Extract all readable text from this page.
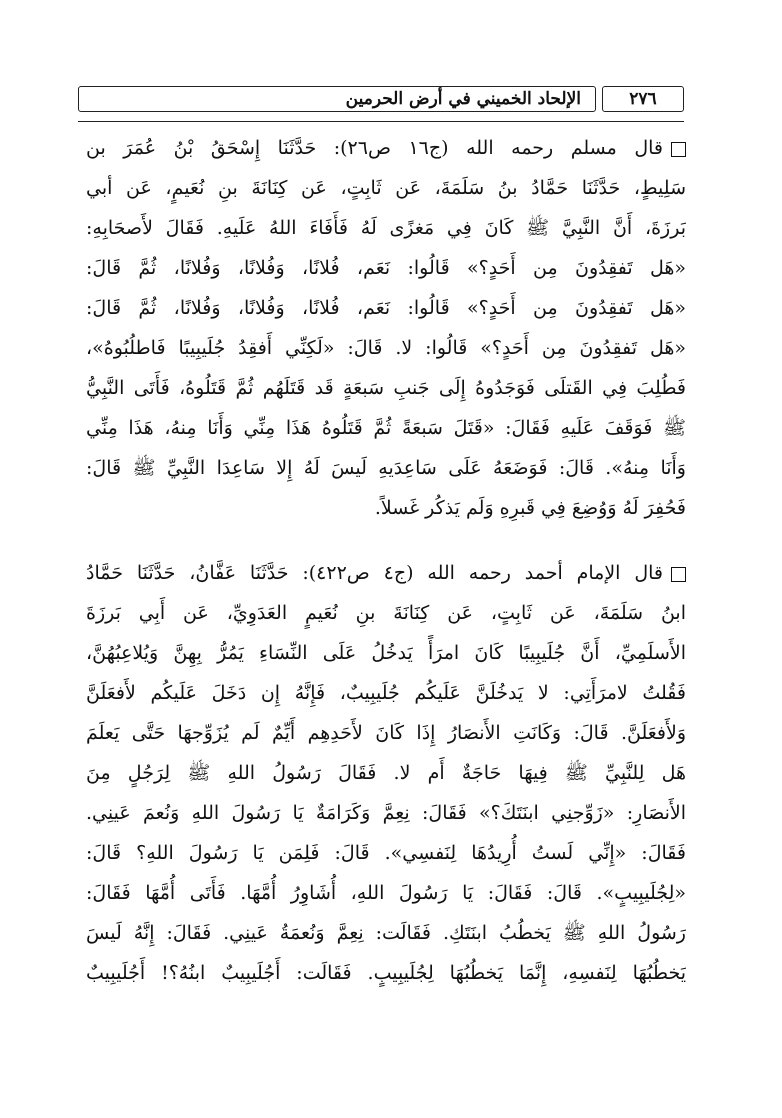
الإلحاد الخميني في أرض الحرمين	٢٧٦
قال مسلم رحمه الله (ج١٦ ص٢٦): حَدَّثَنَا إِسْحَقُ بْنُ عُمَرَ بن
سَلِيطٍ، حَدَّثَنَا حَمَّادُ بنُ سَلَمَةَ، عَن ثَابِتٍ، عَن كِنَانَةَ بنِ نُعَيمٍ، عَن أبي
بَرزَةَ، أَنَّ النَّبِيَّ ﷺ كَانَ فِي مَغزًى لَهُ فَأَفَاءَ اللهُ عَلَيهِ. فَقَالَ لأَصحَابِهِ:
«هَل تَفقِدُونَ مِن أَحَدٍ؟» قَالُوا: نَعَم، فُلانًا، وَفُلانًا، وَفُلانًا، ثُمَّ قَالَ:
«هَل تَفقِدُونَ مِن أَحَدٍ؟» قَالُوا: نَعَم، فُلانًا، وَفُلانًا، وَفُلانًا، ثُمَّ قَالَ:
«هَل تَفقِدُونَ مِن أَحَدٍ؟» قَالُوا: لا. قَالَ: «لَكِنِّي أَفقِدُ جُلَيبِيبًا فَاطلُبُوهُ»،
فَطُلِبَ فِي القَتلَى فَوَجَدُوهُ إِلَى جَنبِ سَبعَةٍ قَد قَتَلَهُم ثُمَّ قَتَلُوهُ، فَأَتَى النَّبِيُّ
ﷺ فَوَقَفَ عَلَيهِ فَقَالَ: «قَتَلَ سَبعَةً ثُمَّ قَتَلُوهُ هَذَا مِنِّي وَأَنَا مِنهُ، هَذَا مِنِّي
وَأَنَا مِنهُ». قَالَ: فَوَضَعَهُ عَلَى سَاعِدَيهِ لَيسَ لَهُ إِلا سَاعِدَا النَّبِيِّ ﷺ قَالَ:
فَحُفِرَ لَهُ وَوُضِعَ فِي قَبرِهِ وَلَم يَذكُر غَسلاً.
قال الإمام أحمد رحمه الله (ج٤ ص٤٢٢): حَدَّثَنَا عَفَّانُ، حَدَّثَنَا حَمَّادُ
ابنُ سَلَمَةَ، عَن ثَابِتٍ، عَن كِنَانَةَ بنِ نُعَيمٍ العَدَوِيِّ، عَن أَبِي بَرزَةَ
الأَسلَمِيِّ، أَنَّ جُلَيبِيبًا كَانَ امرَأً يَدخُلُ عَلَى النِّسَاءِ يَمُرُّ بِهِنَّ وَيُلاعِبُهُنَّ،
فَقُلتُ لامرَأَتِي: لا يَدخُلَنَّ عَلَيكُم جُلَيبِيبٌ، فَإِنَّهُ إِن دَخَلَ عَلَيكُم لأَفعَلَنَّ
وَلأَفعَلَنَّ. قَالَ: وَكَانَتِ الأَنصَارُ إِذَا كَانَ لأَحَدِهِم أَيِّمٌ لَم يُزَوِّجهَا حَتَّى يَعلَمَ
هَل لِلنَّبِيِّ ﷺ فِيهَا حَاجَةٌ أَم لا. فَقَالَ رَسُولُ اللهِ ﷺ لِرَجُلٍ مِنَ
الأَنصَارِ: «زَوِّجنِي ابنَتَكَ؟» فَقَالَ: نِعِمَّ وَكَرَامَةٌ يَا رَسُولَ اللهِ وَنُعمَ عَينِي.
فَقَالَ: «إِنِّي لَستُ أُرِيدُهَا لِنَفسِي». قَالَ: فَلِمَن يَا رَسُولَ اللهِ؟ قَالَ:
«لِجُلَيبِيبٍ». قَالَ: فَقَالَ: يَا رَسُولَ اللهِ، أُشَاوِرُ أُمَّهَا. فَأَتَى أُمَّهَا فَقَالَ:
رَسُولُ اللهِ ﷺ يَخطُبُ ابنَتَكِ. فَقَالَت: نِعِمَّ وَنُعمَةُ عَينِي. فَقَالَ: إِنَّهُ لَيسَ
يَخطُبُهَا لِنَفسِهِ، إِنَّمَا يَخطُبُهَا لِجُلَيبِيبٍ. فَقَالَت: أَجُلَيبِيبٌ ابنُهُ؟! أَجُلَيبِيبٌ
